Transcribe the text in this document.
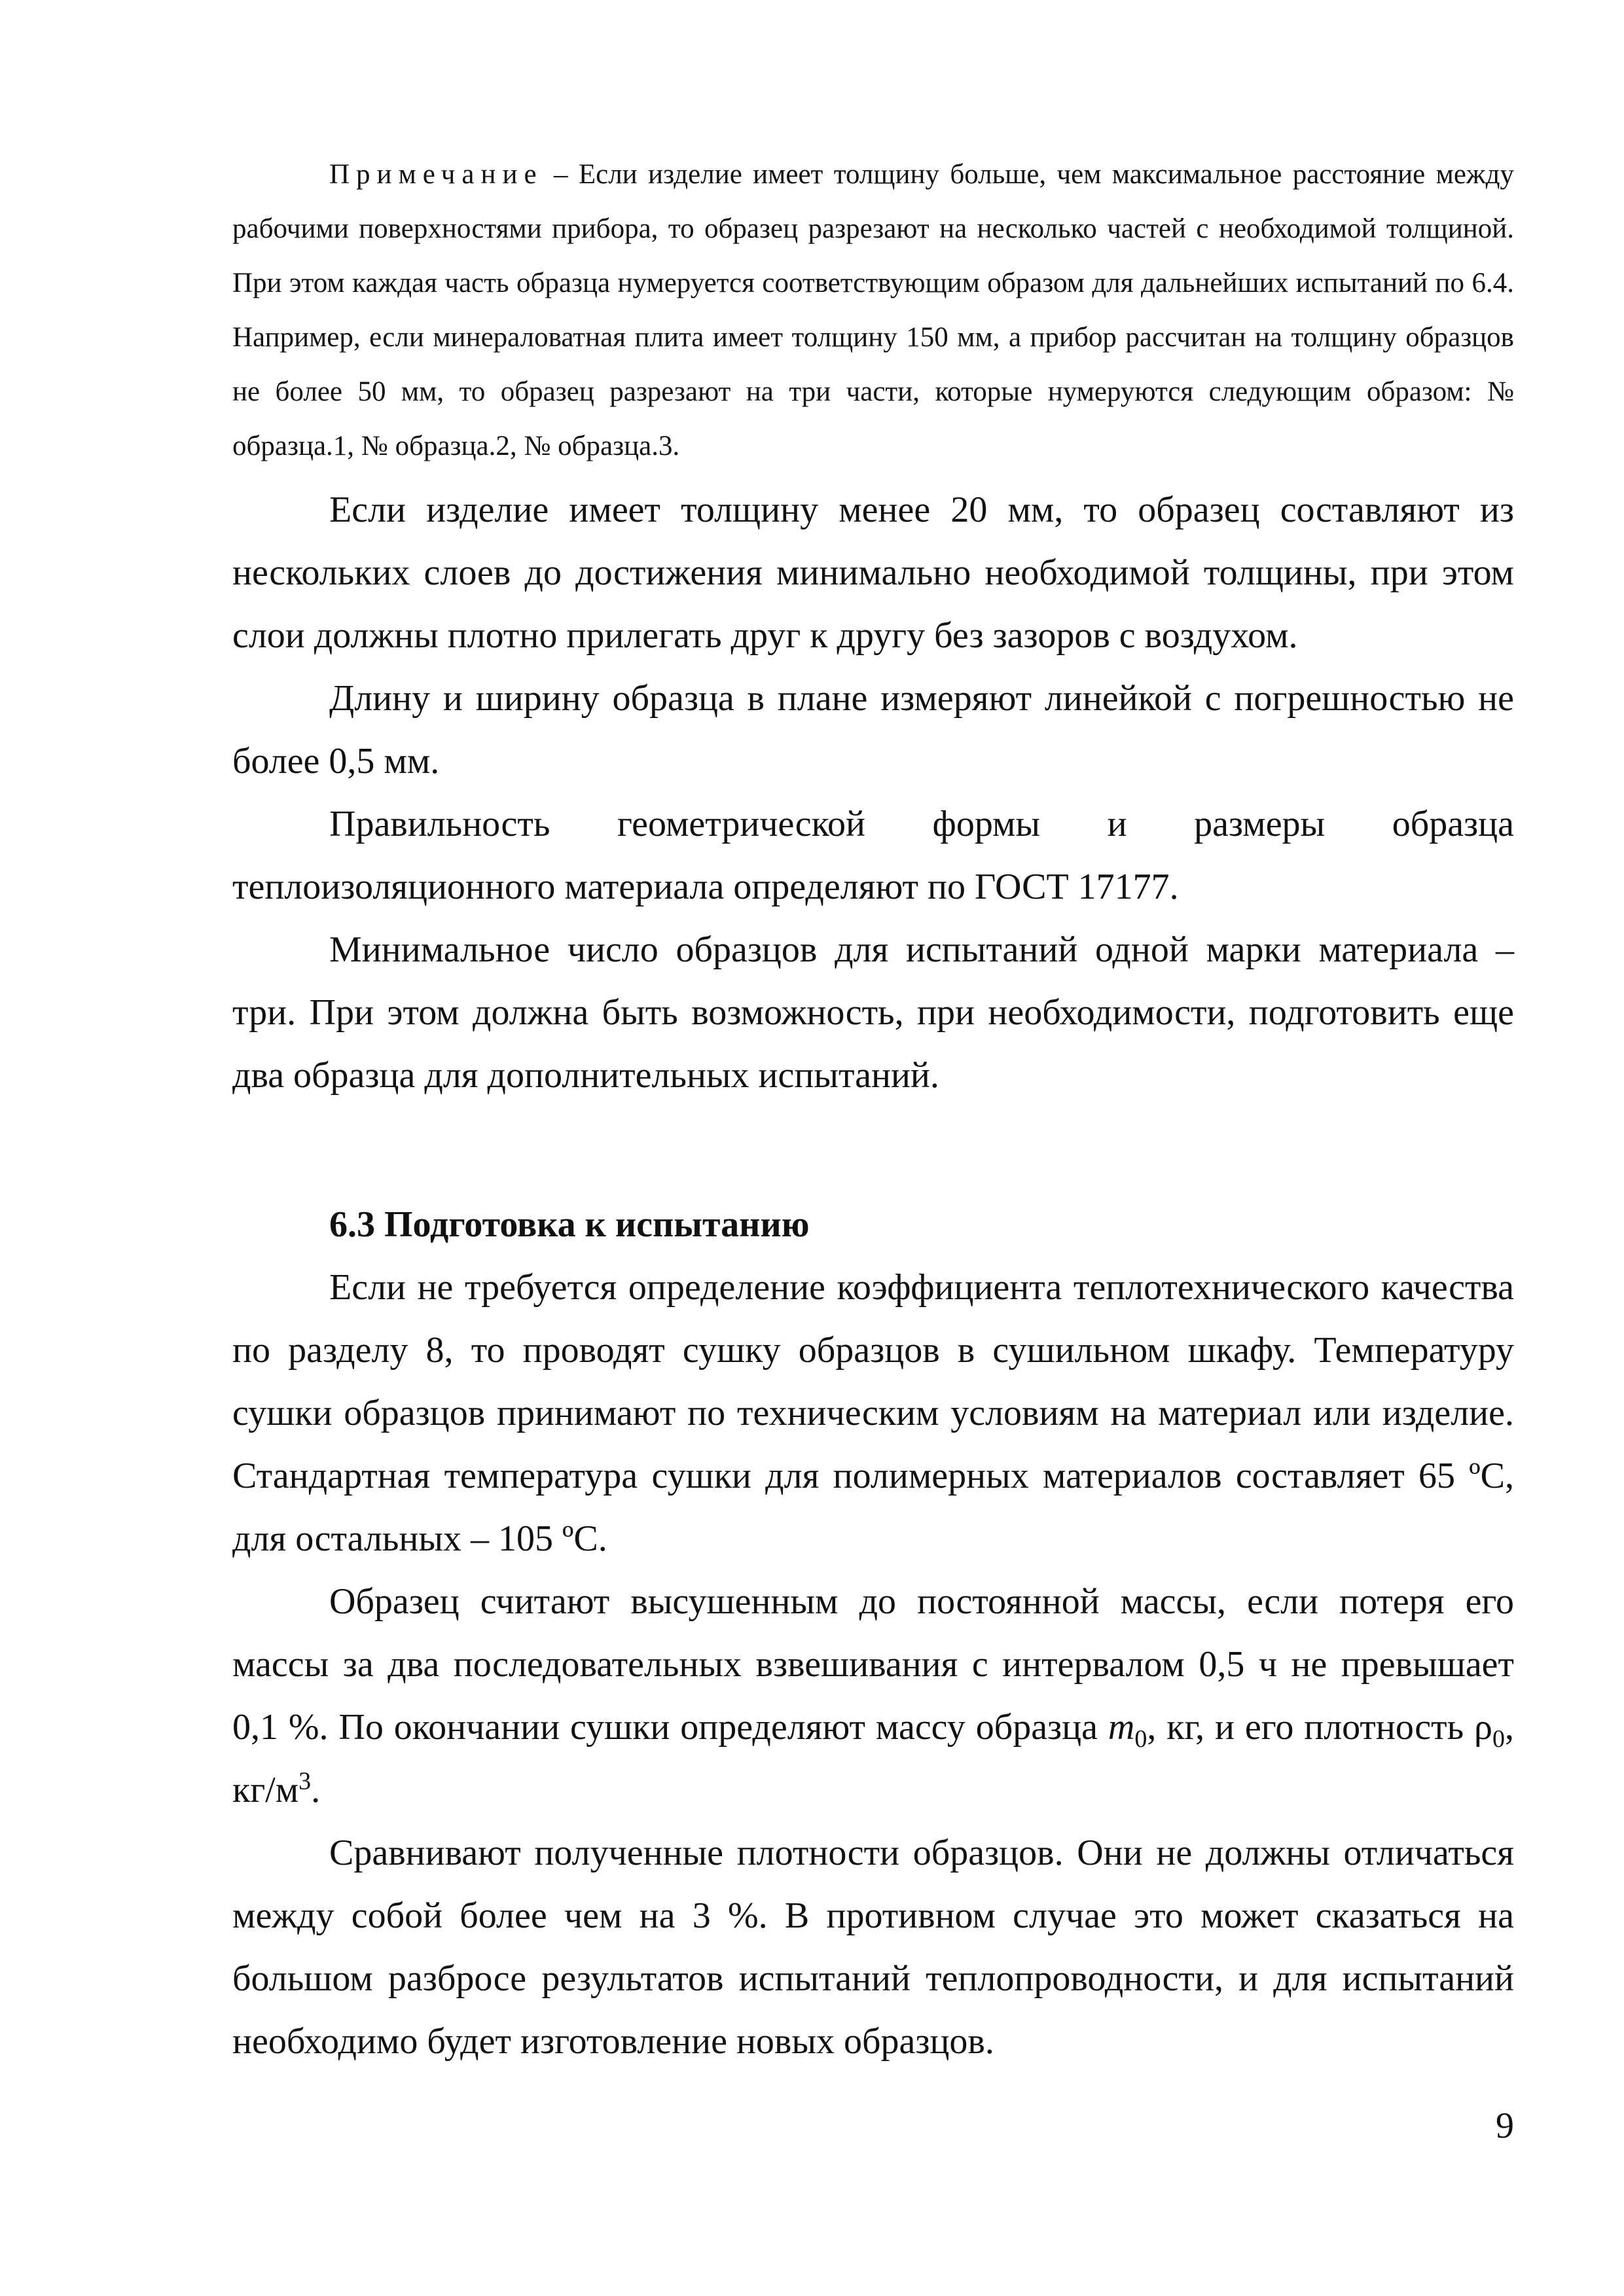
Примечание – Если изделие имеет толщину больше, чем максимальное расстояние между рабочими поверхностями прибора, то образец разрезают на несколько частей с необходимой толщиной. При этом каждая часть образца нумеруется соответствующим образом для дальнейших испытаний по 6.4. Например, если минераловатная плита имеет толщину 150 мм, а прибор рассчитан на толщину образцов не более 50 мм, то образец разрезают на три части, которые нумеруются следующим образом: № образца.1, № образца.2, № образца.3.

Если изделие имеет толщину менее 20 мм, то образец составляют из нескольких слоев до достижения минимально необходимой толщины, при этом слои должны плотно прилегать друг к другу без зазоров с воздухом.

Длину и ширину образца в плане измеряют линейкой с погрешностью не более 0,5 мм.

Правильность геометрической формы и размеры образца теплоизоляционного материала определяют по ГОСТ 17177.

Минимальное число образцов для испытаний одной марки материала – три. При этом должна быть возможность, при необходимости, подготовить еще два образца для дополнительных испытаний.

6.3 Подготовка к испытанию

Если не требуется определение коэффициента теплотехнического качества по разделу 8, то проводят сушку образцов в сушильном шкафу. Температуру сушки образцов принимают по техническим условиям на материал или изделие. Стандартная температура сушки для полимерных материалов составляет 65 ºС, для остальных – 105 ºС.

Образец считают высушенным до постоянной массы, если потеря его массы за два последовательных взвешивания с интервалом 0,5 ч не превышает 0,1 %. По окончании сушки определяют массу образца $m_0$, кг, и его плотность $\rho_0$, $кг/м^3$.

Сравнивают полученные плотности образцов. Они не должны отличаться между собой более чем на 3 %. В противном случае это может сказаться на большом разбросе результатов испытаний теплопроводности, и для испытаний необходимо будет изготовление новых образцов.

9
